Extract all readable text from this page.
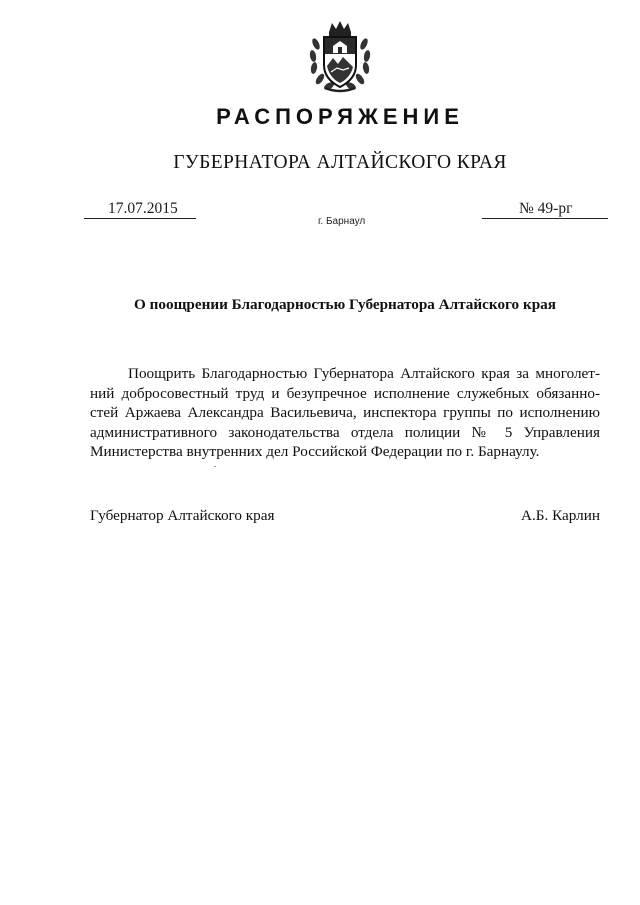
РАСПОРЯЖЕНИЕ
ГУБЕРНАТОРА АЛТАЙСКОГО КРАЯ
17.07.2015	№ 49-рг
г. Барнаул
О поощрении Благодарностью Губернатора Алтайского края

Поощрить Благодарностью Губернатора Алтайского края за многолет-ний добросовестный труд и безупречное исполнение служебных обязанно-стей Аржаева Александра Васильевича, инспектора группы по исполнению административного законодательства отдела полиции № 5 Управления Министерства внутренних дел Российской Федерации по г. Барнаулу.

Губернатор Алтайского края	А.Б. Карлин
